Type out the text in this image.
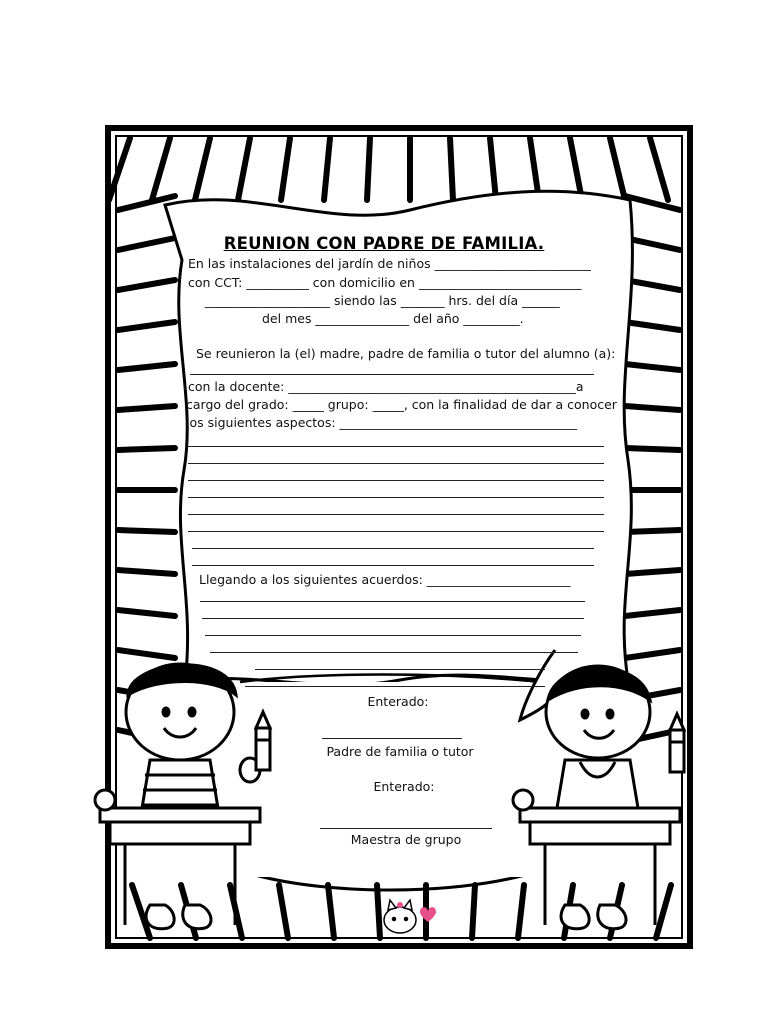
REUNION CON PADRE DE FAMILIA.
En las instalaciones del jardín de niños _________________________
con CCT: __________ con domicilio en __________________________
____________________ siendo las _______ hrs. del día ______
del mes _______________ del año _________.
Se reunieron la (el) madre, padre de familia o tutor del alumno (a):
con la docente: ______________________________________________a
cargo del grado: _____ grupo: _____, con la finalidad de dar a conocer
los siguientes aspectos: ______________________________________
Llegando a los siguientes acuerdos: _______________________
Enterado:
Padre de familia o tutor
Enterado:
Maestra de grupo
